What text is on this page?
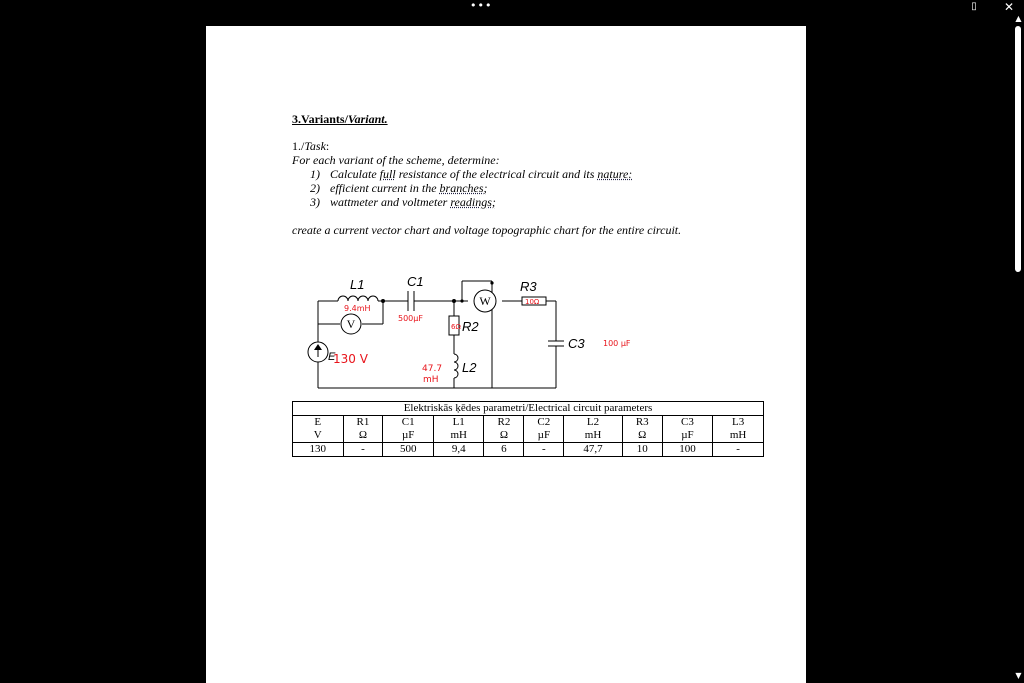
•••	▯ ✕
▲
▼
3.Variants/Variant.
1./Task:
For each variant of the scheme, determine:
1) Calculate full resistance of the electrical circuit and its nature:
2) efficient current in the branches;
3) wattmeter and voltmeter readings;
create a current vector chart and voltage topographic chart for the entire circuit.
L1	C1	R3
R2
L2
C3
E
V
W
9.4mH
500µF
10Ω
6Ω
100 µF
130 V
47.7
mH
Elektriskās ķēdes parametri/Electrical circuit parameters									
E	R1	C1	L1	R2	C2	L2	R3	C3	L3
V	Ω	µF	mH	Ω	µF	mH	Ω	µF	mH
130	-	500	9,4	6	-	47,7	10	100	-
